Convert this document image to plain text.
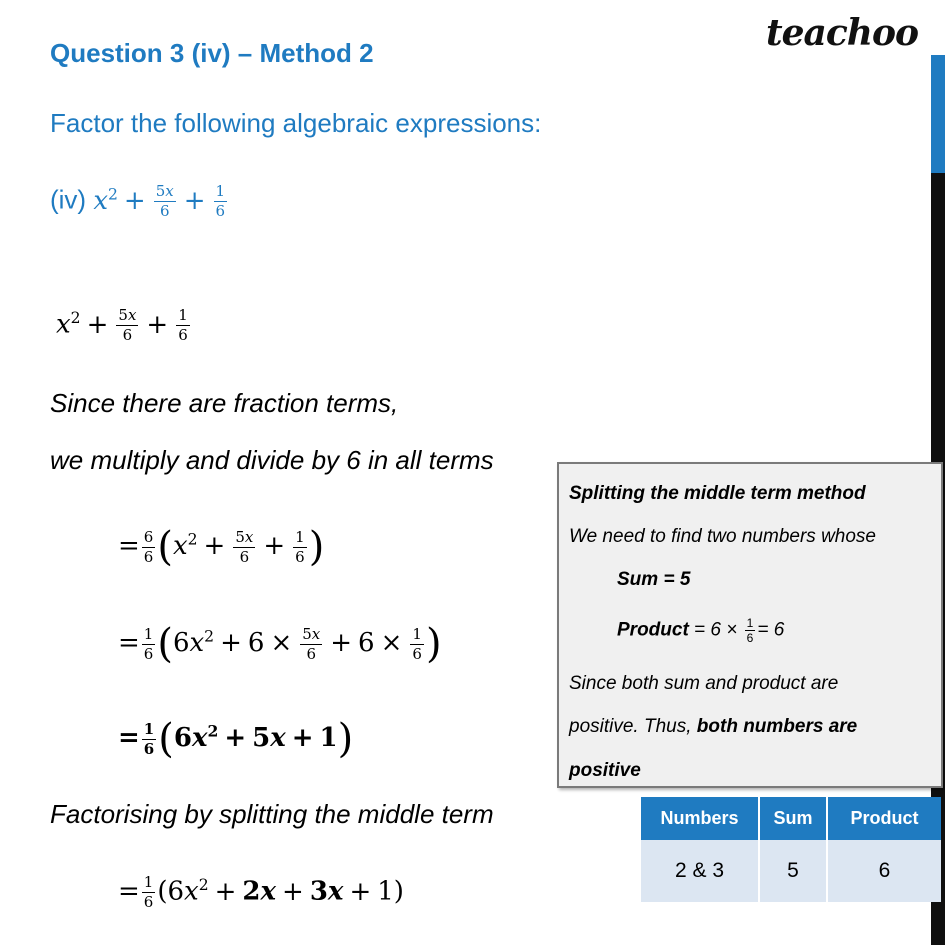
Question 3 (iv) – Method 2	teachoo
Factor the following algebraic expressions:
(iv) $x^2 + \frac{5x}{6} + \frac{1}{6}$
$x^2 + \frac{5x}{6} + \frac{1}{6}$
Since there are fraction terms,
we multiply and divide by 6 in all terms
= $\frac{6}{6} (x^2 + \frac{5x}{6} + \frac{1}{6}$ )
= $\frac{1}{6} (6x^2 + 6 \times \frac{5x}{6} + 6 \times \frac{1}{6}$ )
= $\frac{1}{6} (6x^2 + 5x + 1)$
Factorising by splitting the middle term
= $\frac{1}{6} (6x^2 + 2x + 3x + 1)$
Splitting the middle term method
We need to find two numbers whose
Sum = 5
Product = $6 \times \frac{1}{6} = 6$
Since both sum and product are
positive. Thus, both numbers are
positive
Numbers	Sum	Product
2 & 3	5	6
